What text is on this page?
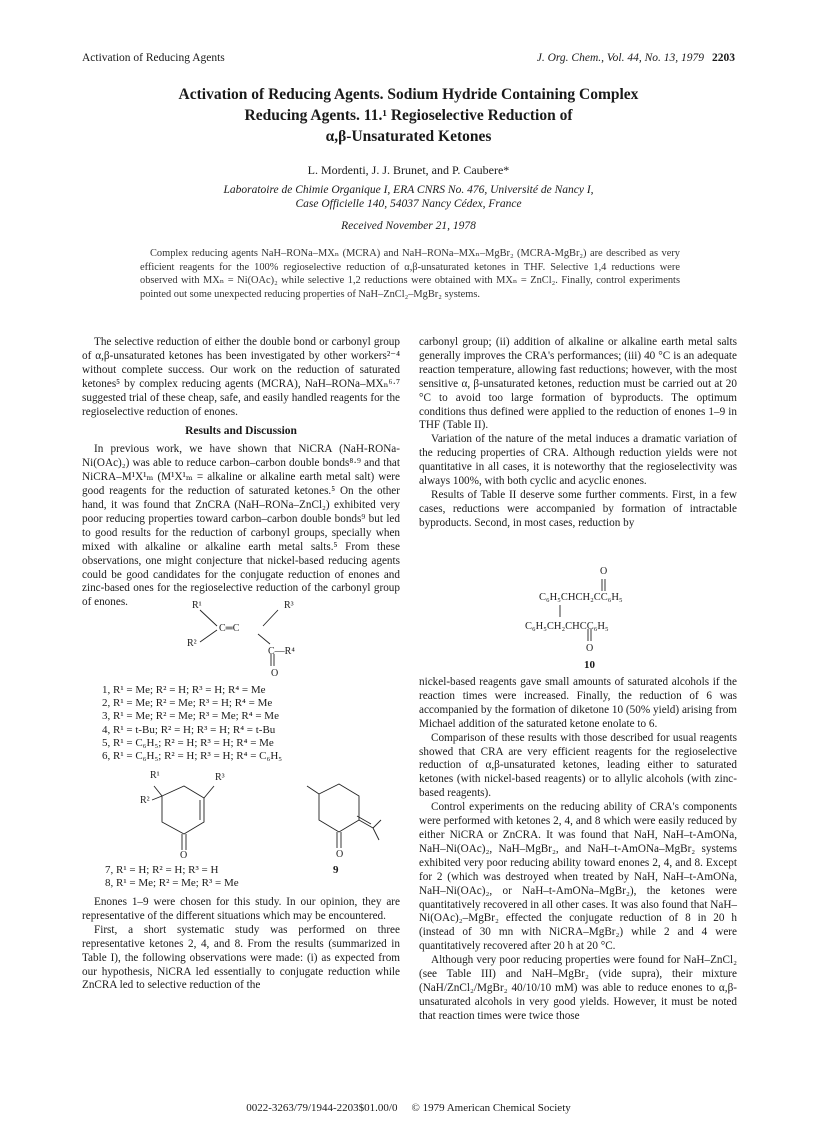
Activation of Reducing Agents	J. Org. Chem., Vol. 44, No. 13, 1979 2203
Activation of Reducing Agents. Sodium Hydride Containing Complex
Reducing Agents. 11.¹ Regioselective Reduction of
α,β-Unsaturated Ketones
L. Mordenti, J. J. Brunet, and P. Caubere*
Laboratoire de Chimie Organique I, ERA CNRS No. 476, Université de Nancy I,
Case Officielle 140, 54037 Nancy Cédex, France
Received November 21, 1978

Complex reducing agents NaH–RONa–MXₙ (MCRA) and NaH–RONa–MXₙ–MgBr₂ (MCRA-MgBr₂) are described as very efficient reagents for the 100% regioselective reduction of α,β-unsaturated ketones in THF. Selective 1,4 reductions were observed with MXₙ = Ni(OAc)₂ while selective 1,2 reductions were obtained with MXₙ = ZnCl₂. Finally, control experiments pointed out some unexpected reducing properties of NaH–ZnCl₂–MgBr₂ systems.

The selective reduction of either the double bond or carbonyl group of α,β-unsaturated ketones has been investigated by other workers²⁻⁴ without complete success. Our work on the reduction of saturated ketones⁵ by complex reducing agents (MCRA), NaH–RONa–MXₙ⁶·⁷ suggested trial of these cheap, safe, and easily handled reagents for the regioselective reduction of enones.

Results and Discussion

In previous work, we have shown that NiCRA (NaH-RONa-Ni(OAc)₂) was able to reduce carbon–carbon double bonds⁸·⁹ and that NiCRA–M¹X¹ₘ (M¹X¹ₘ = alkaline or alkaline earth metal salt) were good reagents for the reduction of saturated ketones.⁵ On the other hand, it was found that ZnCRA (NaH–RONa–ZnCl₂) exhibited very poor reducing properties toward carbon–carbon double bonds⁹ but led to good results for the reduction of carbonyl groups, specially when mixed with alkaline or alkaline earth metal salts.⁵ From these observations, one might conjecture that nickel-based reducing agents could be good candidates for the conjugate reduction of enones and zinc-based ones for the regioselective reduction of the carbonyl group of enones.	R¹	R³
R²
C═C
C—R⁴
O
1, R¹ = Me; R² = H; R³ = H; R⁴ = Me
2, R¹ = Me; R² = Me; R³ = H; R⁴ = Me
3, R¹ = Me; R² = Me; R³ = Me; R⁴ = Me
4, R¹ = t-Bu; R² = H; R³ = H; R⁴ = t-Bu
5, R¹ = C₆H₅; R² = H; R³ = H; R⁴ = Me
6, R¹ = C₆H₅; R² = H; R³ = H; R⁴ = C₆H₅
R¹
R²
R³
O	O
7, R¹ = H; R² = H; R³ = H
8, R¹ = Me; R² = Me; R³ = Me
9

Enones 1–9 were chosen for this study. In our opinion, they are representative of the different situations which may be encountered.

First, a short systematic study was performed on three representative ketones 2, 4, and 8. From the results (summarized in Table I), the following observations were made: (i) as expected from our hypothesis, NiCRA led essentially to conjugate reduction while ZnCRA led to selective reduction of the

carbonyl group; (ii) addition of alkaline or alkaline earth metal salts generally improves the CRA's performances; (iii) 40 °C is an adequate reaction temperature, allowing fast reductions; however, with the most sensitive α, β-unsaturated ketones, reduction must be carried out at 20 °C to avoid too large formation of byproducts. The optimum conditions thus defined were applied to the reduction of enones 1–9 in THF (Table II).

Variation of the nature of the metal induces a dramatic variation of the reducing properties of CRA. Although reduction yields were not quantitative in all cases, it is noteworthy that the regioselectivity was always 100%, with both cyclic and acyclic enones.

Results of Table II deserve some further comments. First, in a few cases, reductions were accompanied by formation of intractable byproducts. Second, in most cases, reduction by

O
C₆H₅CHCH₂CC₆H₅
C₆H₅CH₂CHCC₆H₅
O
10

nickel-based reagents gave small amounts of saturated alcohols if the reaction times were increased. Finally, the reduction of 6 was accompanied by the formation of diketone 10 (50% yield) arising from Michael addition of the saturated ketone enolate to 6.

Comparison of these results with those described for usual reagents showed that CRA are very efficient reagents for the regioselective reduction of α,β-unsaturated ketones, leading either to saturated ketones (with nickel-based reagents) or to allylic alcohols (with zinc-based reagents).

Control experiments on the reducing ability of CRA's components were performed with ketones 2, 4, and 8 which were easily reduced by either NiCRA or ZnCRA. It was found that NaH, NaH–t-AmONa, NaH–Ni(OAc)₂, NaH–MgBr₂, and NaH–t-AmONa–MgBr₂ systems exhibited very poor reducing ability toward enones 2, 4, and 8. Except for 2 (which was destroyed when treated by NaH, NaH–t-AmONa, NaH–Ni(OAc)₂, or NaH–t-AmONa–MgBr₂), the ketones were quantitatively recovered in all other cases. It was also found that NaH–Ni(OAc)₂–MgBr₂ effected the conjugate reduction of 8 in 20 h (instead of 30 mn with NiCRA–MgBr₂) while 2 and 4 were quantitatively recovered after 20 h at 20 °C.

Although very poor reducing properties were found for NaH–ZnCl₂ (see Table III) and NaH–MgBr₂ (vide supra), their mixture (NaH/ZnCl₂/MgBr₂ 40/10/10 mM) was able to reduce enones to α,β-unsaturated alcohols in very good yields. However, it must be noted that reaction times were twice those

0022-3263/79/1944-2203$01.00/0 © 1979 American Chemical Society
